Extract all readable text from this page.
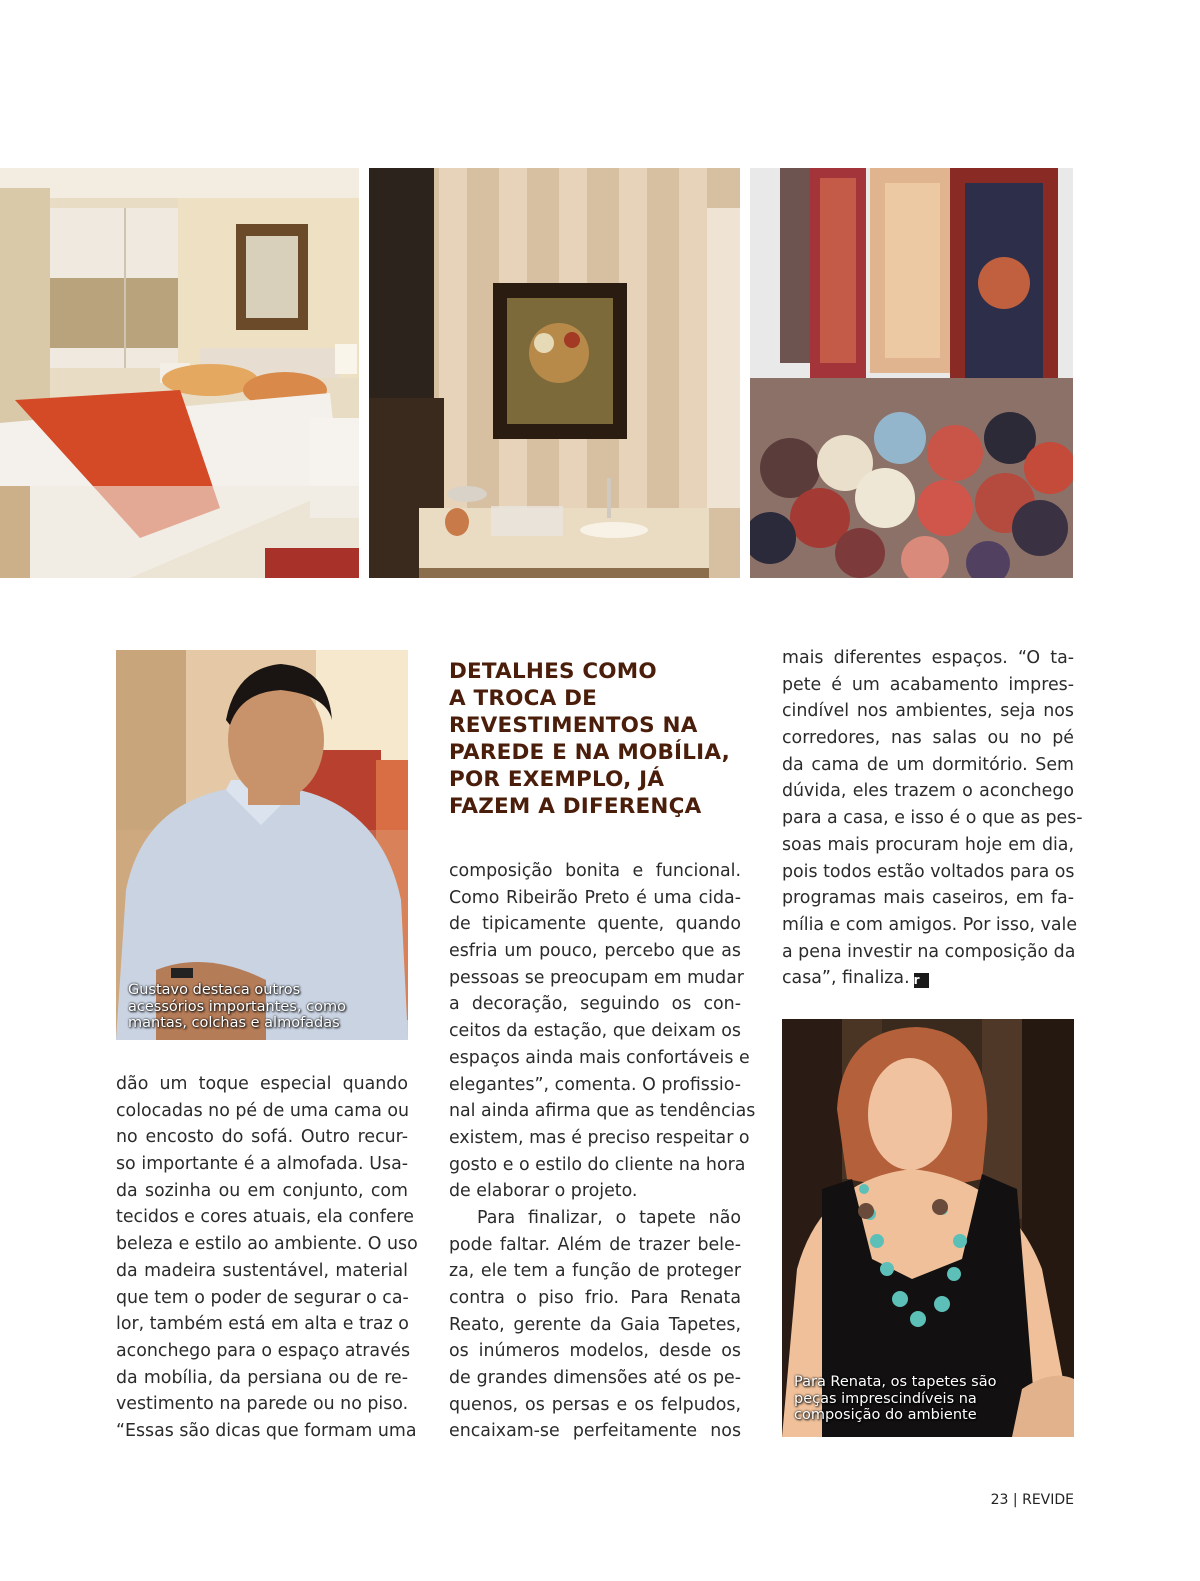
Gustavo destaca outros
acessórios importantes, como
mantas, colchas e almofadas
DETALHES COMO
A TROCA DE
REVESTIMENTOS NA
PAREDE E NA MOBÍLIA,
POR EXEMPLO, JÁ
FAZEM A DIFERENÇA
dão um toque especial quando
colocadas no pé de uma cama ou
no encosto do sofá. Outro recur-
so importante é a almofada. Usa-
da sozinha ou em conjunto, com
tecidos e cores atuais, ela confere
beleza e estilo ao ambiente. O uso
da madeira sustentável, material
que tem o poder de segurar o ca-
lor, também está em alta e traz o
aconchego para o espaço através
da mobília, da persiana ou de re-
vestimento na parede ou no piso.
“Essas são dicas que formam uma
composição bonita e funcional.
Como Ribeirão Preto é uma cida-
de tipicamente quente, quando
esfria um pouco, percebo que as
pessoas se preocupam em mudar
a decoração, seguindo os con-
ceitos da estação, que deixam os
espaços ainda mais confortáveis e
elegantes”, comenta. O profissio-
nal ainda afirma que as tendências
existem, mas é preciso respeitar o
gosto e o estilo do cliente na hora
de elaborar o projeto.
Para finalizar, o tapete não
pode faltar. Além de trazer bele-
za, ele tem a função de proteger
contra o piso frio. Para Renata
Reato, gerente da Gaia Tapetes,
os inúmeros modelos, desde os
de grandes dimensões até os pe-
quenos, os persas e os felpudos,
encaixam-se perfeitamente nos
mais diferentes espaços. “O ta-
pete é um acabamento impres-
cindível nos ambientes, seja nos
corredores, nas salas ou no pé
da cama de um dormitório. Sem
dúvida, eles trazem o aconchego
para a casa, e isso é o que as pes-
soas mais procuram hoje em dia,
pois todos estão voltados para os
programas mais caseiros, em fa-
mília e com amigos. Por isso, vale
a pena investir na composição da
casa”, finaliza. r
Para Renata, os tapetes são
peças imprescindíveis na
composição do ambiente
23 | REVIDE
